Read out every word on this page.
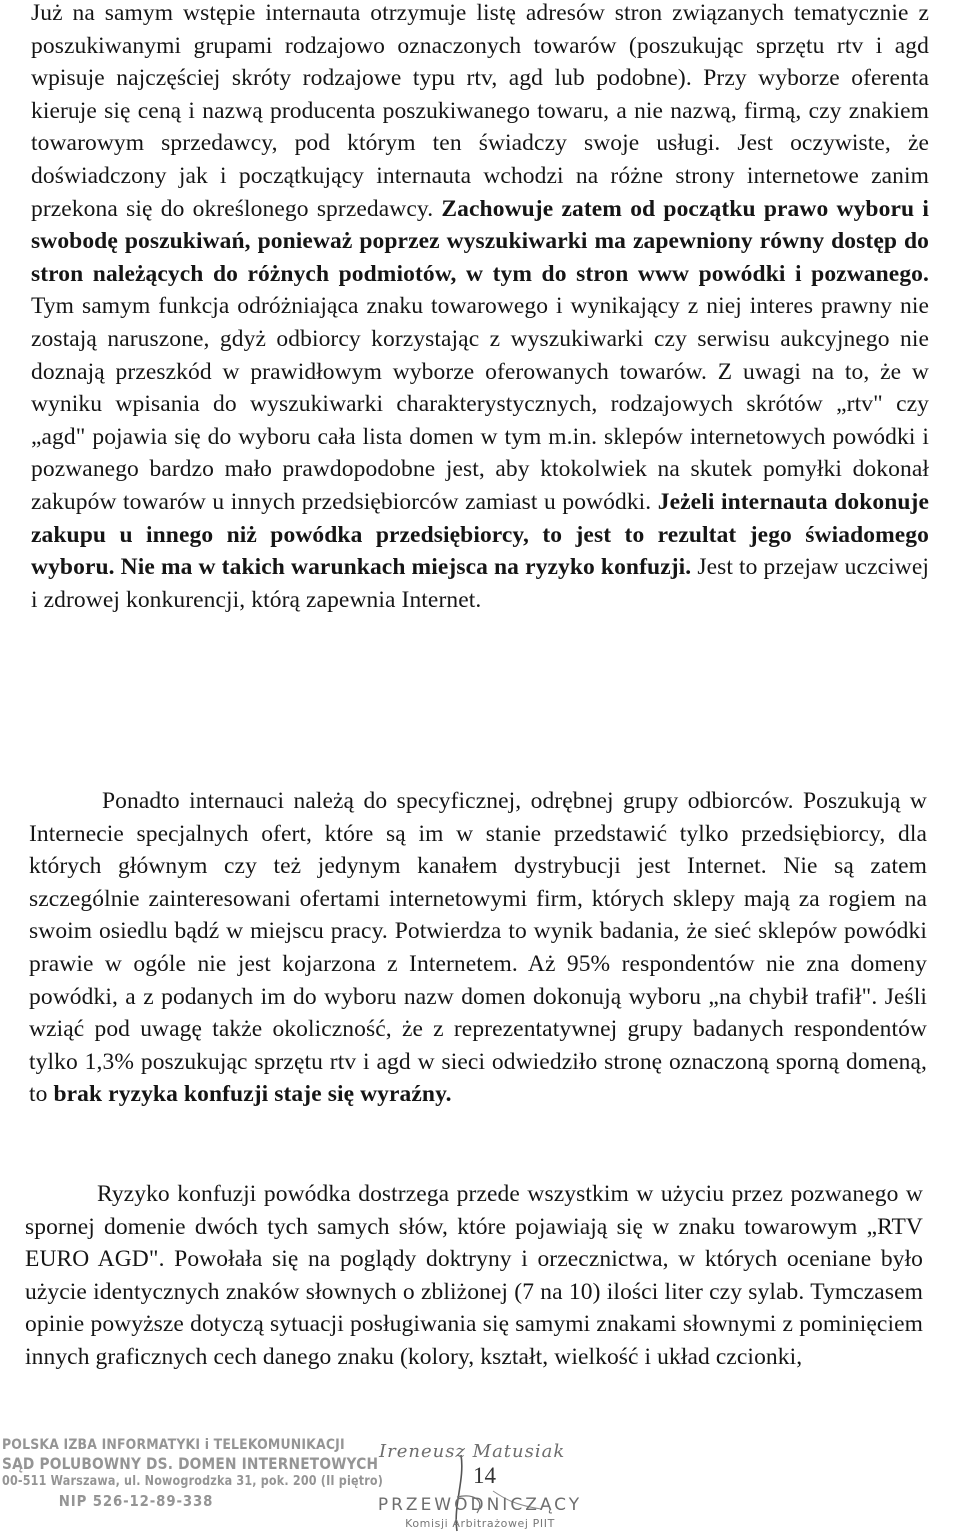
Już na samym wstępie internauta otrzymuje listę adresów stron związanych tematycznie z poszukiwanymi grupami rodzajowo oznaczonych towarów (poszukując sprzętu rtv i agd wpisuje najczęściej skróty rodzajowe typu rtv, agd lub podobne). Przy wyborze oferenta kieruje się ceną i nazwą producenta poszukiwanego towaru, a nie nazwą, firmą, czy znakiem towarowym sprzedawcy, pod którym ten świadczy swoje usługi. Jest oczywiste, że doświadczony jak i początkujący internauta wchodzi na różne strony internetowe zanim przekona się do określonego sprzedawcy. Zachowuje zatem od początku prawo wyboru i swobodę poszukiwań, ponieważ poprzez wyszukiwarki ma zapewniony równy dostęp do stron należących do różnych podmiotów, w tym do stron www powódki i pozwanego. Tym samym funkcja odróżniająca znaku towarowego i wynikający z niej interes prawny nie zostają naruszone, gdyż odbiorcy korzystając z wyszukiwarki czy serwisu aukcyjnego nie doznają przeszkód w prawidłowym wyborze oferowanych towarów. Z uwagi na to, że w wyniku wpisania do wyszukiwarki charakterystycznych, rodzajowych skrótów „rtv" czy „agd" pojawia się do wyboru cała lista domen w tym m.in. sklepów internetowych powódki i pozwanego bardzo mało prawdopodobne jest, aby ktokolwiek na skutek pomyłki dokonał zakupów towarów u innych przedsiębiorców zamiast u powódki. Jeżeli internauta dokonuje zakupu u innego niż powódka przedsiębiorcy, to jest to rezultat jego świadomego wyboru. Nie ma w takich warunkach miejsca na ryzyko konfuzji. Jest to przejaw uczciwej i zdrowej konkurencji, którą zapewnia Internet.

Ponadto internauci należą do specyficznej, odrębnej grupy odbiorców. Poszukują w Internecie specjalnych ofert, które są im w stanie przedstawić tylko przedsiębiorcy, dla których głównym czy też jedynym kanałem dystrybucji jest Internet. Nie są zatem szczególnie zainteresowani ofertami internetowymi firm, których sklepy mają za rogiem na swoim osiedlu bądź w miejscu pracy. Potwierdza to wynik badania, że sieć sklepów powódki prawie w ogóle nie jest kojarzona z Internetem. Aż 95% respondentów nie zna domeny powódki, a z podanych im do wyboru nazw domen dokonują wyboru „na chybił trafił". Jeśli wziąć pod uwagę także okoliczność, że z reprezentatywnej grupy badanych respondentów tylko 1,3% poszukując sprzętu rtv i agd w sieci odwiedziło stronę oznaczoną sporną domeną, to brak ryzyka konfuzji staje się wyraźny.

Ryzyko konfuzji powódka dostrzega przede wszystkim w użyciu przez pozwanego w spornej domenie dwóch tych samych słów, które pojawiają się w znaku towarowym „RTV EURO AGD". Powołała się na poglądy doktryny i orzecznictwa, w których oceniane było użycie identycznych znaków słownych o zbliżonej (7 na 10) ilości liter czy sylab. Tymczasem opinie powyższe dotyczą sytuacji posługiwania się samymi znakami słownymi z pominięciem innych graficznych cech danego znaku (kolory, kształt, wielkość i układ czcionki,

POLSKA IZBA INFORMATYKI i TELEKOMUNIKACJI
SĄD POLUBOWNY DS. DOMEN INTERNETOWYCH
00-511 Warszawa, ul. Nowogrodzka 31, pok. 200 (II piętro)
NIP 526-12-89-338
Ireneusz Matusiak
14
PRZEWODNICZĄCY
Komisji Arbitrażowej PIIT
